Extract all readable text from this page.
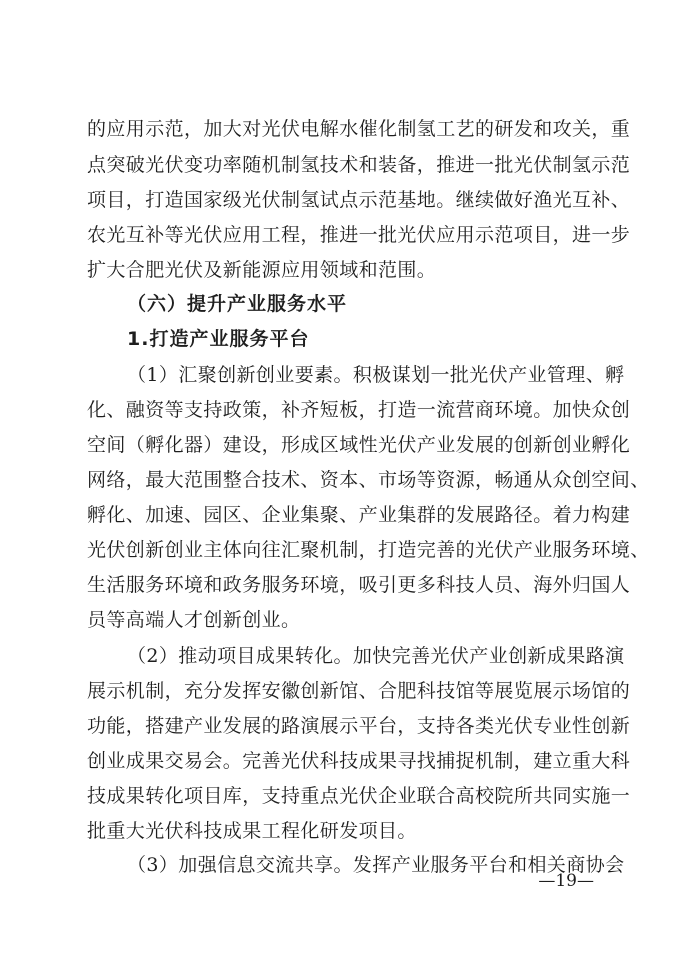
的应用示范，加大对光伏电解水催化制氢工艺的研发和攻关，重
点突破光伏变功率随机制氢技术和装备，推进一批光伏制氢示范
项目，打造国家级光伏制氢试点示范基地。继续做好渔光互补、
农光互补等光伏应用工程，推进一批光伏应用示范项目，进一步
扩大合肥光伏及新能源应用领域和范围。
（六）提升产业服务水平
1.打造产业服务平台
（1）汇聚创新创业要素。积极谋划一批光伏产业管理、孵
化、融资等支持政策，补齐短板，打造一流营商环境。加快众创
空间（孵化器）建设，形成区域性光伏产业发展的创新创业孵化
网络，最大范围整合技术、资本、市场等资源，畅通从众创空间、
孵化、加速、园区、企业集聚、产业集群的发展路径。着力构建
光伏创新创业主体向往汇聚机制，打造完善的光伏产业服务环境、
生活服务环境和政务服务环境，吸引更多科技人员、海外归国人
员等高端人才创新创业。
（2）推动项目成果转化。加快完善光伏产业创新成果路演
展示机制，充分发挥安徽创新馆、合肥科技馆等展览展示场馆的
功能，搭建产业发展的路演展示平台，支持各类光伏专业性创新
创业成果交易会。完善光伏科技成果寻找捕捉机制，建立重大科
技成果转化项目库，支持重点光伏企业联合高校院所共同实施一
批重大光伏科技成果工程化研发项目。
（3）加强信息交流共享。发挥产业服务平台和相关商协会
—19—
